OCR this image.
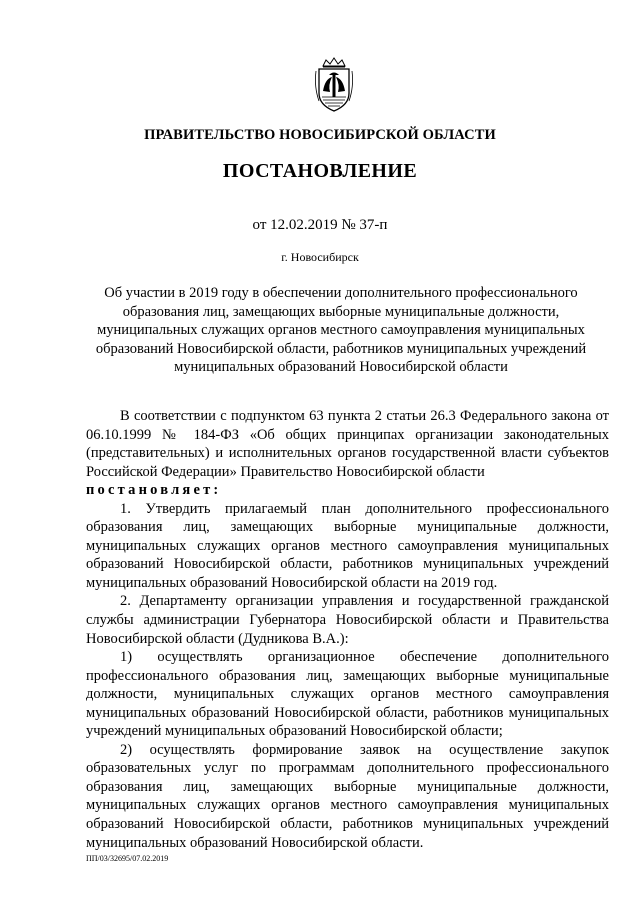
ПРАВИТЕЛЬСТВО НОВОСИБИРСКОЙ ОБЛАСТИ
ПОСТАНОВЛЕНИЕ
от 12.02.2019 № 37-п
г. Новосибирск
Об участии в 2019 году в обеспечении дополнительного профессионального образования лиц, замещающих выборные муниципальные должности, муниципальных служащих органов местного самоуправления муниципальных образований Новосибирской области, работников муниципальных учреждений муниципальных образований Новосибирской области

В соответствии с подпунктом 63 пункта 2 статьи 26.3 Федерального закона от 06.10.1999 № 184-ФЗ «Об общих принципах организации законодательных (представительных) и исполнительных органов государственной власти субъектов Российской Федерации» Правительство Новосибирской области

постановляет:

1. Утвердить прилагаемый план дополнительного профессионального образования лиц, замещающих выборные муниципальные должности, муниципальных служащих органов местного самоуправления муниципальных образований Новосибирской области, работников муниципальных учреждений муниципальных образований Новосибирской области на 2019 год.

2. Департаменту организации управления и государственной гражданской службы администрации Губернатора Новосибирской области и Правительства Новосибирской области (Дудникова В.А.):

1) осуществлять организационное обеспечение дополнительного профессионального образования лиц, замещающих выборные муниципальные должности, муниципальных служащих органов местного самоуправления муниципальных образований Новосибирской области, работников муниципальных учреждений муниципальных образований Новосибирской области;

2) осуществлять формирование заявок на осуществление закупок образовательных услуг по программам дополнительного профессионального образования лиц, замещающих выборные муниципальные должности, муниципальных служащих органов местного самоуправления муниципальных образований Новосибирской области, работников муниципальных учреждений муниципальных образований Новосибирской области.

ПП/03/32695/07.02.2019
